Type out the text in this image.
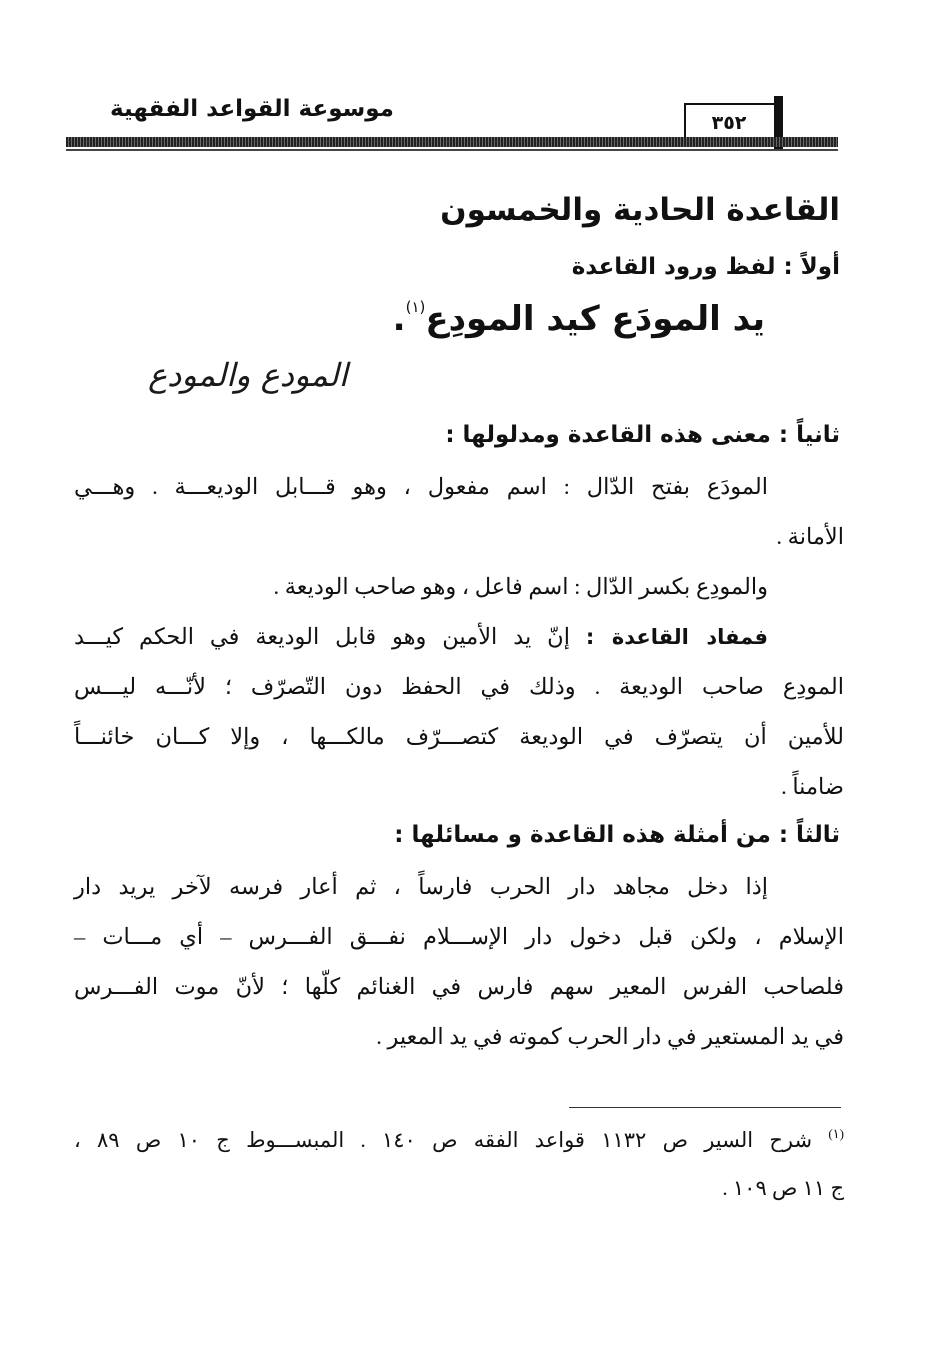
موسوعة القواعد الفقهية
٣٥٢
القاعدة الحادية والخمسون
أولاً : لفظ ورود القاعدة
يد المودَع كيد المودِع$^{(١)}$.
المودع والمودع
ثانياً : معنى هذه القاعدة ومدلولها :
المودَع بفتح الدّال : اسم مفعول ، وهو قـــابل الوديعـــة . وهـــي
الأمانة .
والمودِع بكسر الدّال : اسم فاعل ، وهو صاحب الوديعة .
فمفاد القاعدة : إنّ يد الأمين وهو قابل الوديعة في الحكم كيـــد
المودِع صاحب الوديعة . وذلك في الحفظ دون التّصرّف ؛ لأنّـــه ليـــس
للأمين أن يتصرّف في الوديعة كتصـــرّف مالكـــها ، وإلا كـــان خائنـــاً
ضامناً .
ثالثاً : من أمثلة هذه القاعدة و مسائلها :
إذا دخل مجاهد دار الحرب فارساً ، ثم أعار فرسه لآخر يريد دار
الإسلام ، ولكن قبل دخول دار الإســـلام نفـــق الفـــرس – أي مـــات –
فلصاحب الفرس المعير سهم فارس في الغنائم كلّها ؛ لأنّ موت الفـــرس
في يد المستعير في دار الحرب كموته في يد المعير .
$^{(١)}$ شرح السير ص ١١٣٢ قواعد الفقه ص ١٤٠ . المبســـوط ج ١٠ ص ٨٩ ،
ج ١١ ص ١٠٩ .
